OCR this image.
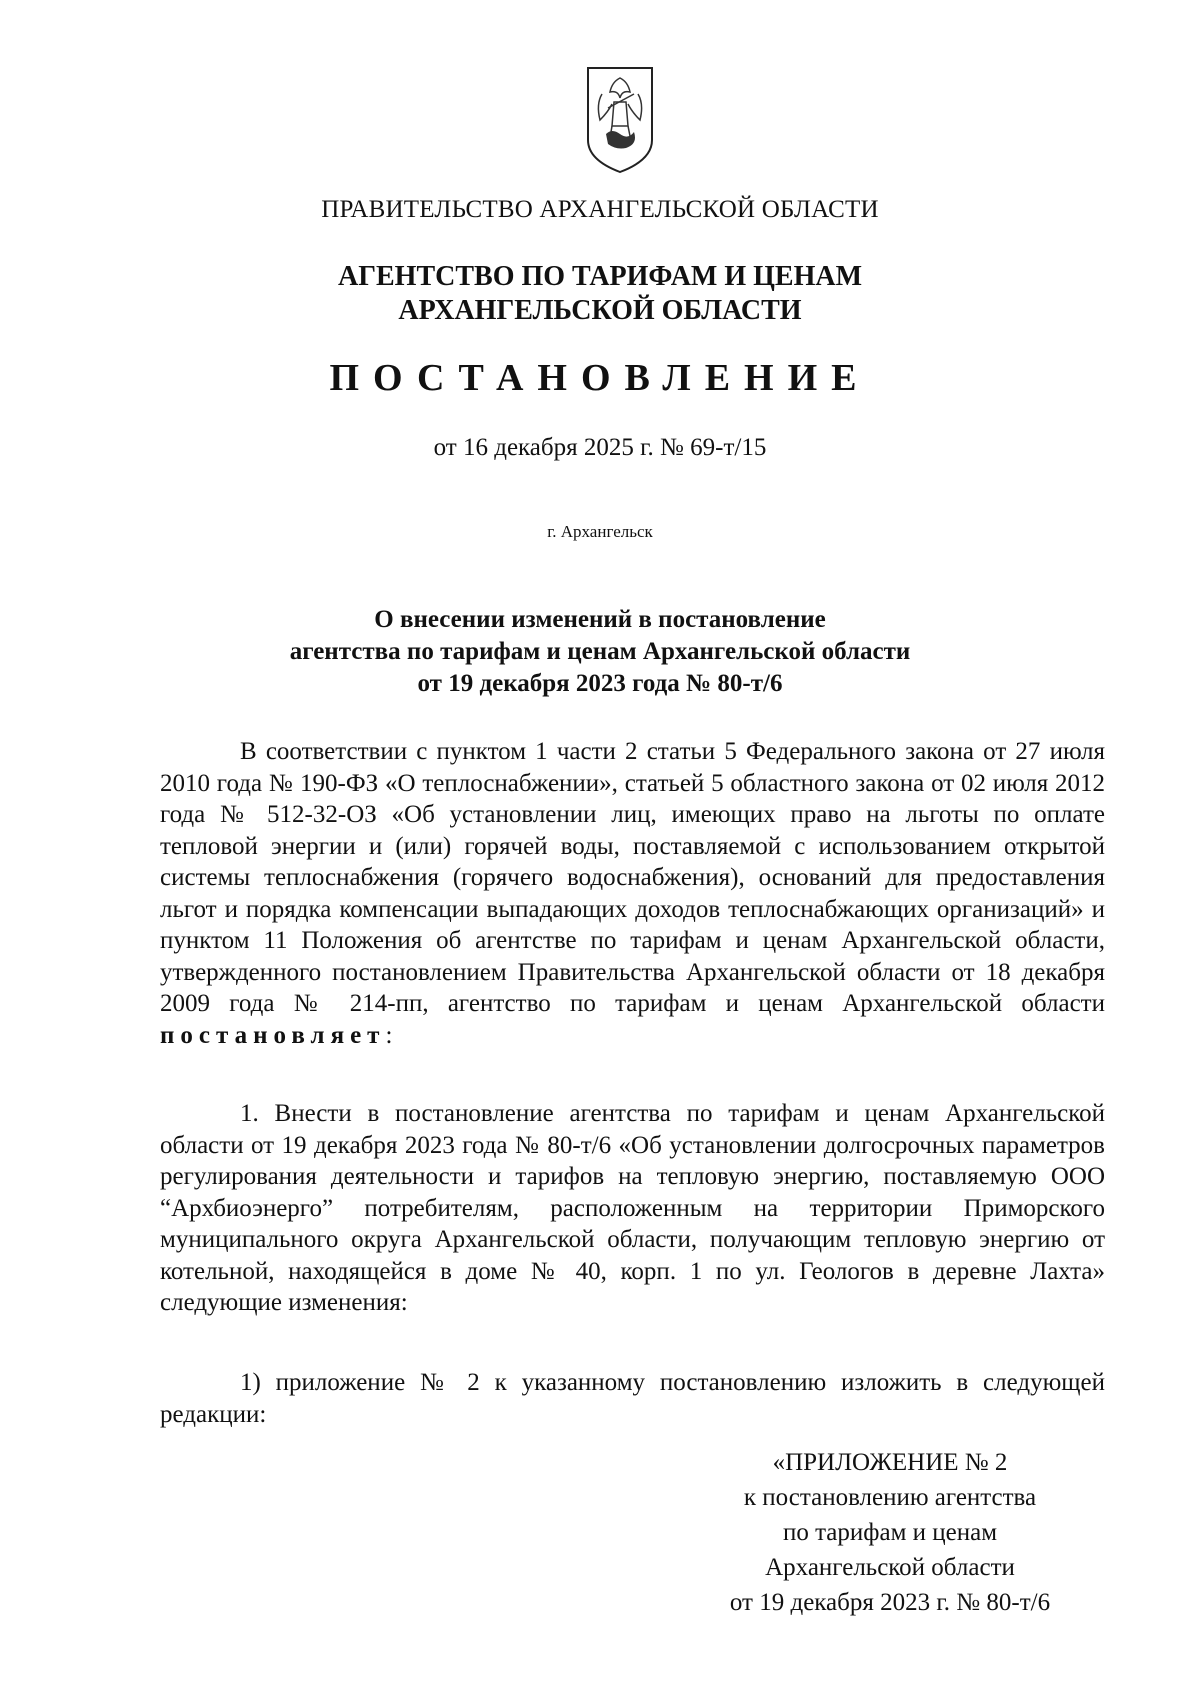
ПРАВИТЕЛЬСТВО АРХАНГЕЛЬСКОЙ ОБЛАСТИ
АГЕНТСТВО ПО ТАРИФАМ И ЦЕНАМ
АРХАНГЕЛЬСКОЙ ОБЛАСТИ
ПОСТАНОВЛЕНИЕ
от 16 декабря 2025 г. № 69-т/15
г. Архангельск
О внесении изменений в постановление
агентства по тарифам и ценам Архангельской области
от 19 декабря 2023 года № 80-т/6

В соответствии с пунктом 1 части 2 статьи 5 Федерального закона от 27 июля 2010 года № 190-ФЗ «О теплоснабжении», статьей 5 областного закона от 02 июля 2012 года № 512-32-ОЗ «Об установлении лиц, имеющих право на льготы по оплате тепловой энергии и (или) горячей воды, поставляемой с использованием открытой системы теплоснабжения (горячего водоснабжения), оснований для предоставления льгот и порядка компенсации выпадающих доходов теплоснабжающих организаций» и пунктом 11 Положения об агентстве по тарифам и ценам Архангельской области, утвержденного постановлением Правительства Архангельской области от 18 декабря 2009 года № 214-пп, агентство по тарифам и ценам Архангельской области постановляет:

1. Внести в постановление агентства по тарифам и ценам Архангельской области от 19 декабря 2023 года № 80-т/6 «Об установлении долгосрочных параметров регулирования деятельности и тарифов на тепловую энергию, поставляемую ООО “Архбиоэнерго” потребителям, расположенным на территории Приморского муниципального округа Архангельской области, получающим тепловую энергию от котельной, находящейся в доме № 40, корп. 1 по ул. Геологов в деревне Лахта» следующие изменения:

1) приложение № 2 к указанному постановлению изложить в следующей редакции:

«ПРИЛОЖЕНИЕ № 2
к постановлению агентства
по тарифам и ценам
Архангельской области
от 19 декабря 2023 г. № 80-т/6
